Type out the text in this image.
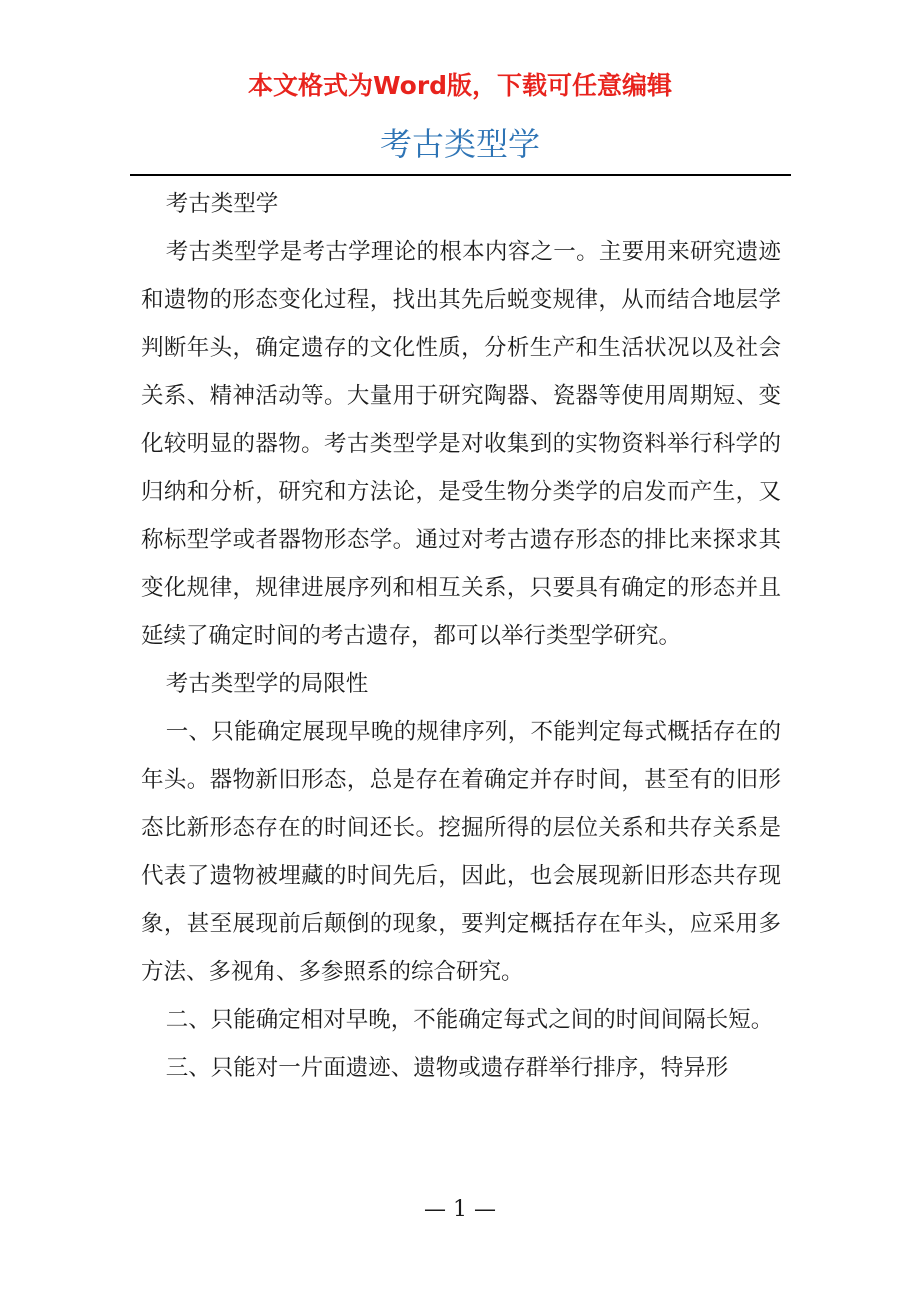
本文格式为Word版，下载可任意编辑
考古类型学

考古类型学

考古类型学是考古学理论的根本内容之一。主要用来研究遗迹和遗物的形态变化过程，找出其先后蜕变规律，从而结合地层学判断年头，确定遗存的文化性质，分析生产和生活状况以及社会关系、精神活动等。大量用于研究陶器、瓷器等使用周期短、变化较明显的器物。考古类型学是对收集到的实物资料举行科学的归纳和分析，研究和方法论，是受生物分类学的启发而产生，又称标型学或者器物形态学。通过对考古遗存形态的排比来探求其变化规律，规律进展序列和相互关系，只要具有确定的形态并且延续了确定时间的考古遗存，都可以举行类型学研究。

考古类型学的局限性

一、只能确定展现早晚的规律序列，不能判定每式概括存在的年头。器物新旧形态，总是存在着确定并存时间，甚至有的旧形态比新形态存在的时间还长。挖掘所得的层位关系和共存关系是代表了遗物被埋藏的时间先后，因此，也会展现新旧形态共存现象，甚至展现前后颠倒的现象，要判定概括存在年头，应采用多方法、多视角、多参照系的综合研究。

二、只能确定相对早晚，不能确定每式之间的时间间隔长短。

三、只能对一片面遗迹、遗物或遗存群举行排序，特异形

— 1 —
